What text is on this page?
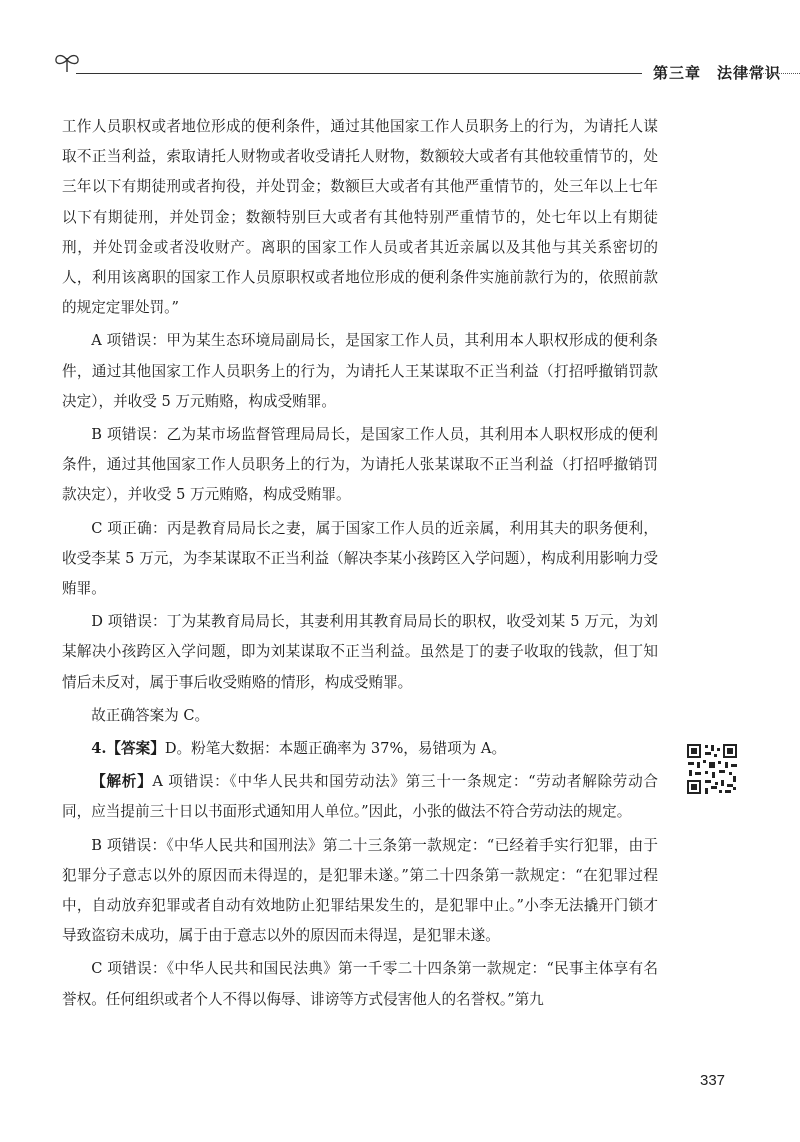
第三章　法律常识

工作人员职权或者地位形成的便利条件，通过其他国家工作人员职务上的行为，为请托人谋取不正当利益，索取请托人财物或者收受请托人财物，数额较大或者有其他较重情节的，处三年以下有期徒刑或者拘役，并处罚金；数额巨大或者有其他严重情节的，处三年以上七年以下有期徒刑，并处罚金；数额特别巨大或者有其他特别严重情节的，处七年以上有期徒刑，并处罚金或者没收财产。离职的国家工作人员或者其近亲属以及其他与其关系密切的人，利用该离职的国家工作人员原职权或者地位形成的便利条件实施前款行为的，依照前款的规定定罪处罚。”

A 项错误：甲为某生态环境局副局长，是国家工作人员，其利用本人职权形成的便利条件，通过其他国家工作人员职务上的行为，为请托人王某谋取不正当利益（打招呼撤销罚款决定），并收受 5 万元贿赂，构成受贿罪。

B 项错误：乙为某市场监督管理局局长，是国家工作人员，其利用本人职权形成的便利条件，通过其他国家工作人员职务上的行为，为请托人张某谋取不正当利益（打招呼撤销罚款决定），并收受 5 万元贿赂，构成受贿罪。

C 项正确：丙是教育局局长之妻，属于国家工作人员的近亲属，利用其夫的职务便利，收受李某 5 万元，为李某谋取不正当利益（解决李某小孩跨区入学问题），构成利用影响力受贿罪。

D 项错误：丁为某教育局局长，其妻利用其教育局局长的职权，收受刘某 5 万元，为刘某解决小孩跨区入学问题，即为刘某谋取不正当利益。虽然是丁的妻子收取的钱款，但丁知情后未反对，属于事后收受贿赂的情形，构成受贿罪。

故正确答案为 C。

4.【答案】D。粉笔大数据：本题正确率为 37%，易错项为 A。

【解析】A 项错误：《中华人民共和国劳动法》第三十一条规定：“劳动者解除劳动合同，应当提前三十日以书面形式通知用人单位。”因此，小张的做法不符合劳动法的规定。

B 项错误：《中华人民共和国刑法》第二十三条第一款规定：“已经着手实行犯罪，由于犯罪分子意志以外的原因而未得逞的，是犯罪未遂。”第二十四条第一款规定：“在犯罪过程中，自动放弃犯罪或者自动有效地防止犯罪结果发生的，是犯罪中止。”小李无法撬开门锁才导致盗窃未成功，属于由于意志以外的原因而未得逞，是犯罪未遂。

C 项错误：《中华人民共和国民法典》第一千零二十四条第一款规定：“民事主体享有名誉权。任何组织或者个人不得以侮辱、诽谤等方式侵害他人的名誉权。”第九

337
